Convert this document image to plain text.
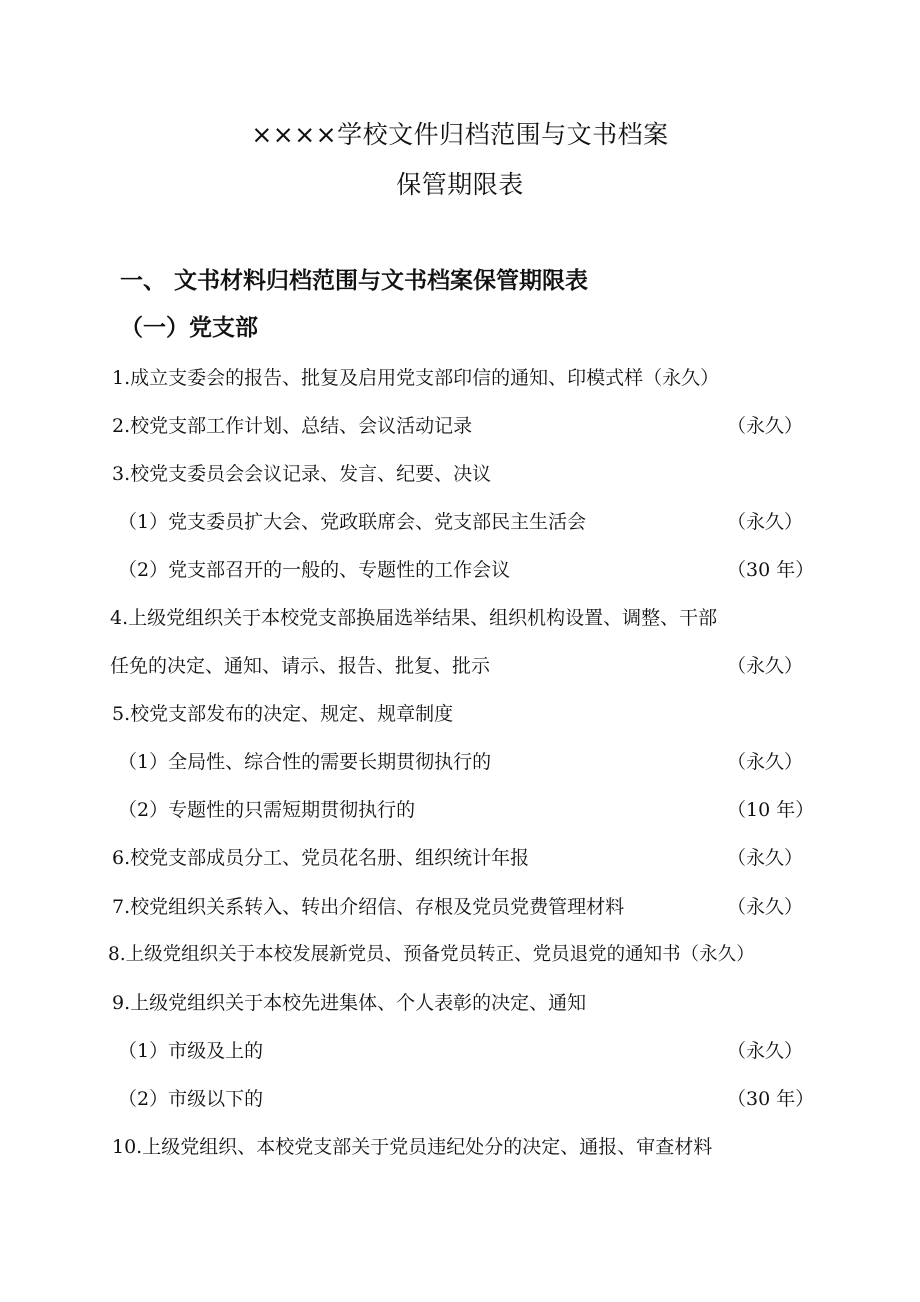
××××学校文件归档范围与文书档案
保管期限表
一、 文书材料归档范围与文书档案保管期限表
（一）党支部
1.成立支委会的报告、批复及启用党支部印信的通知、印模式样（永久）
2.校党支部工作计划、总结、会议活动记录	（永久）
3.校党支委员会会议记录、发言、纪要、决议
（1）党支委员扩大会、党政联席会、党支部民主生活会	（永久）
（2）党支部召开的一般的、专题性的工作会议	（30 年）
4.上级党组织关于本校党支部换届选举结果、组织机构设置、调整、干部
任免的决定、通知、请示、报告、批复、批示	（永久）
5.校党支部发布的决定、规定、规章制度
（1）全局性、综合性的需要长期贯彻执行的	（永久）
（2）专题性的只需短期贯彻执行的	（10 年）
6.校党支部成员分工、党员花名册、组织统计年报	（永久）
7.校党组织关系转入、转出介绍信、存根及党员党费管理材料	（永久）
8.上级党组织关于本校发展新党员、预备党员转正、党员退党的通知书（永久）
9.上级党组织关于本校先进集体、个人表彰的决定、通知
（1）市级及上的	（永久）
（2）市级以下的	（30 年）
10.上级党组织、本校党支部关于党员违纪处分的决定、通报、审查材料
